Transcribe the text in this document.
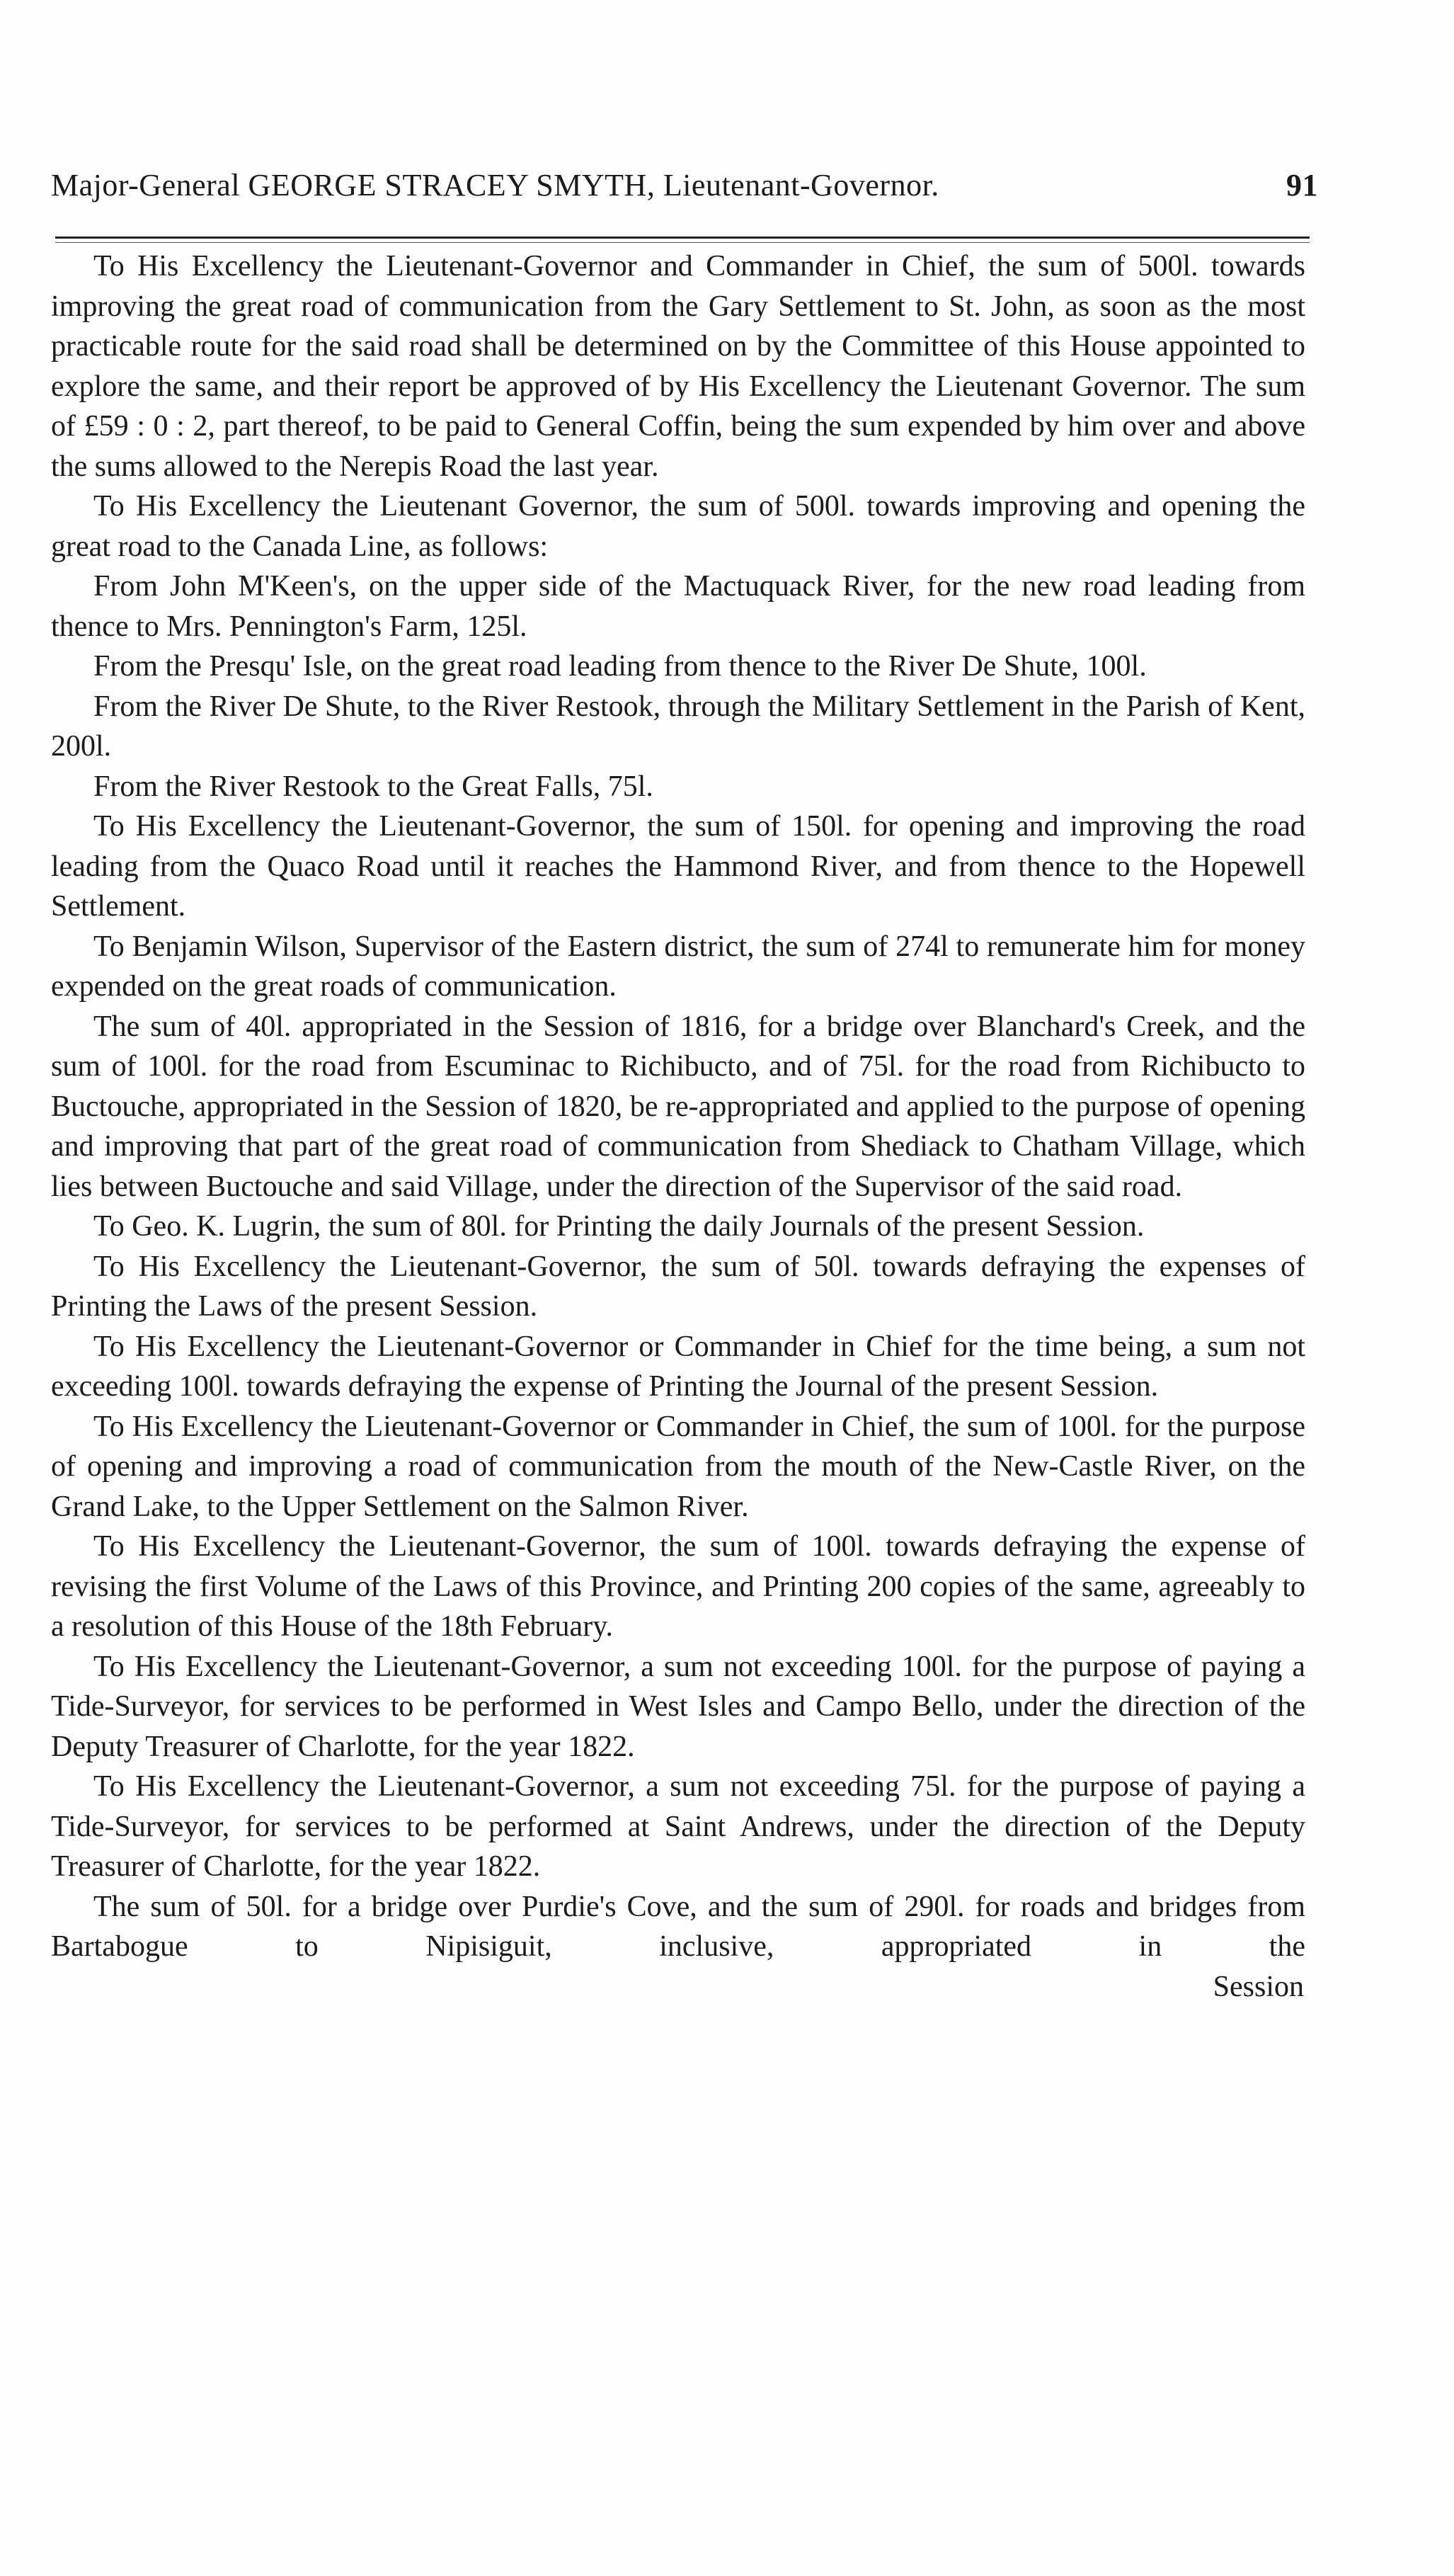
Major-General GEORGE STRACEY SMYTH, Lieutenant-Governor.	91

To His Excellency the Lieutenant-Governor and Commander in Chief, the sum of 500l. towards improving the great road of communication from the Gary Settlement to St. John, as soon as the most practicable route for the said road shall be determined on by the Committee of this House appointed to explore the same, and their report be approved of by His Excellency the Lieutenant Governor. The sum of £59 : 0 : 2, part thereof, to be paid to General Coffin, being the sum expended by him over and above the sums allowed to the Nerepis Road the last year.

To His Excellency the Lieutenant Governor, the sum of 500l. towards improving and opening the great road to the Canada Line, as follows:

From John M'Keen's, on the upper side of the Mactuquack River, for the new road leading from thence to Mrs. Pennington's Farm, 125l.

From the Presqu' Isle, on the great road leading from thence to the River De Shute, 100l.

From the River De Shute, to the River Restook, through the Military Settlement in the Parish of Kent, 200l.

From the River Restook to the Great Falls, 75l.

To His Excellency the Lieutenant-Governor, the sum of 150l. for opening and improving the road leading from the Quaco Road until it reaches the Hammond River, and from thence to the Hopewell Settlement.

To Benjamin Wilson, Supervisor of the Eastern district, the sum of 274l to remunerate him for money expended on the great roads of communication.

The sum of 40l. appropriated in the Session of 1816, for a bridge over Blanchard's Creek, and the sum of 100l. for the road from Escuminac to Richibucto, and of 75l. for the road from Richibucto to Buctouche, appropriated in the Session of 1820, be re-appropriated and applied to the purpose of opening and improving that part of the great road of communication from Shediack to Chatham Village, which lies between Buctouche and said Village, under the direction of the Supervisor of the said road.

To Geo. K. Lugrin, the sum of 80l. for Printing the daily Journals of the present Session.

To His Excellency the Lieutenant-Governor, the sum of 50l. towards defraying the expenses of Printing the Laws of the present Session.

To His Excellency the Lieutenant-Governor or Commander in Chief for the time being, a sum not exceeding 100l. towards defraying the expense of Printing the Journal of the present Session.

To His Excellency the Lieutenant-Governor or Commander in Chief, the sum of 100l. for the purpose of opening and improving a road of communication from the mouth of the New-Castle River, on the Grand Lake, to the Upper Settlement on the Salmon River.

To His Excellency the Lieutenant-Governor, the sum of 100l. towards defraying the expense of revising the first Volume of the Laws of this Province, and Printing 200 copies of the same, agreeably to a resolution of this House of the 18th February.

To His Excellency the Lieutenant-Governor, a sum not exceeding 100l. for the purpose of paying a Tide-Surveyor, for services to be performed in West Isles and Campo Bello, under the direction of the Deputy Treasurer of Charlotte, for the year 1822.

To His Excellency the Lieutenant-Governor, a sum not exceeding 75l. for the purpose of paying a Tide-Surveyor, for services to be performed at Saint Andrews, under the direction of the Deputy Treasurer of Charlotte, for the year 1822.

The sum of 50l. for a bridge over Purdie's Cove, and the sum of 290l. for roads and bridges from Bartabogue to Nipisiguit, inclusive, appropriated in the

Session
